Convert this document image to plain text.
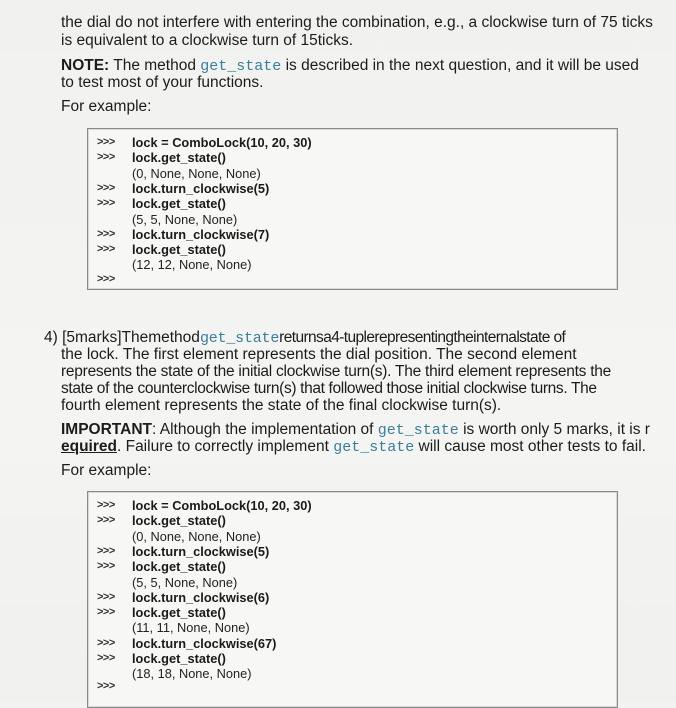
the dial do not interfere with entering the combination, e.g., a clockwise turn of 75 ticks
is equivalent to a clockwise turn of 15ticks.
NOTE: The method get_state is described in the next question, and it will be used
to test most of your functions.
For example:
>>> lock = ComboLock(10, 20, 30)
>>> lock.get_state()
(0, None, None, None)
>>> lock.turn_clockwise(5)
>>> lock.get_state()
(5, 5, None, None)
>>> lock.turn_clockwise(7)
>>> lock.get_state()
(12, 12, None, None)
>>>
4) [5marks]Themethodget_statereturnsa4-tuplerepresentingtheinternalstate of
the lock. The first element represents the dial position. The second element
represents the state of the initial clockwise turn(s). The third element represents the
state of the counterclockwise turn(s) that followed those initial clockwise turns. The
fourth element represents the state of the final clockwise turn(s).
IMPORTANT: Although the implementation of get_state is worth only 5 marks, it is r
equired. Failure to correctly implement get_state will cause most other tests to fail.
For example:
>>> lock = ComboLock(10, 20, 30)
>>> lock.get_state()
(0, None, None, None)
>>> lock.turn_clockwise(5)
>>> lock.get_state()
(5, 5, None, None)
>>> lock.turn_clockwise(6)
>>> lock.get_state()
(11, 11, None, None)
>>> lock.turn_clockwise(67)
>>> lock.get_state()
(18, 18, None, None)
>>>
